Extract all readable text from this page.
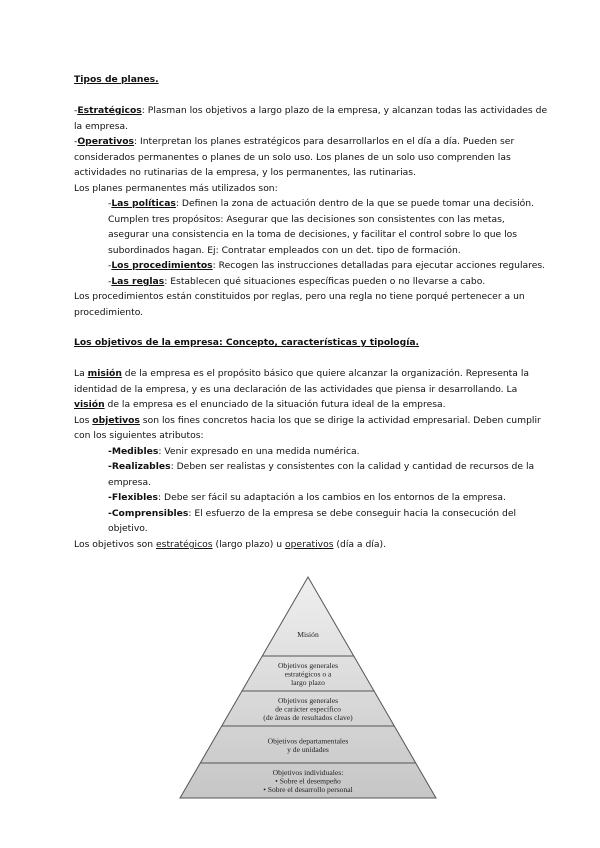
Tipos de planes.
-Estratégicos: Plasman los objetivos a largo plazo de la empresa, y alcanzan todas las actividades de
la empresa.
-Operativos: Interpretan los planes estratégicos para desarrollarlos en el día a día. Pueden ser
considerados permanentes o planes de un solo uso. Los planes de un solo uso comprenden las
actividades no rutinarias de la empresa, y los permanentes, las rutinarias.
Los planes permanentes más utilizados son:
-Las políticas: Definen la zona de actuación dentro de la que se puede tomar una decisión.
Cumplen tres propósitos: Asegurar que las decisiones son consistentes con las metas,
asegurar una consistencia en la toma de decisiones, y facilitar el control sobre lo que los
subordinados hagan. Ej: Contratar empleados con un det. tipo de formación.
-Los procedimientos: Recogen las instrucciones detalladas para ejecutar acciones regulares.
-Las reglas: Establecen qué situaciones específicas pueden o no llevarse a cabo.
Los procedimientos están constituidos por reglas, pero una regla no tiene porqué pertenecer a un
procedimiento.
Los objetivos de la empresa: Concepto, características y tipología.
La misión de la empresa es el propósito básico que quiere alcanzar la organización. Representa la
identidad de la empresa, y es una declaración de las actividades que piensa ir desarrollando. La
visión de la empresa es el enunciado de la situación futura ideal de la empresa.
Los objetivos son los fines concretos hacia los que se dirige la actividad empresarial. Deben cumplir
con los siguientes atributos:
-Medibles: Venir expresado en una medida numérica.
-Realizables: Deben ser realistas y consistentes con la calidad y cantidad de recursos de la
empresa.
-Flexibles: Debe ser fácil su adaptación a los cambios en los entornos de la empresa.
-Comprensibles: El esfuerzo de la empresa se debe conseguir hacia la consecución del
objetivo.
Los objetivos son estratégicos (largo plazo) u operativos (día a día).
Misión
Objetivos generales
estratégicos o a
largo plazo
Objetivos generales
de carácter específico
(de áreas de resultados clave)
Objetivos departamentales
y de unidades
Objetivos individuales:
• Sobre el desempeño
• Sobre el desarrollo personal
